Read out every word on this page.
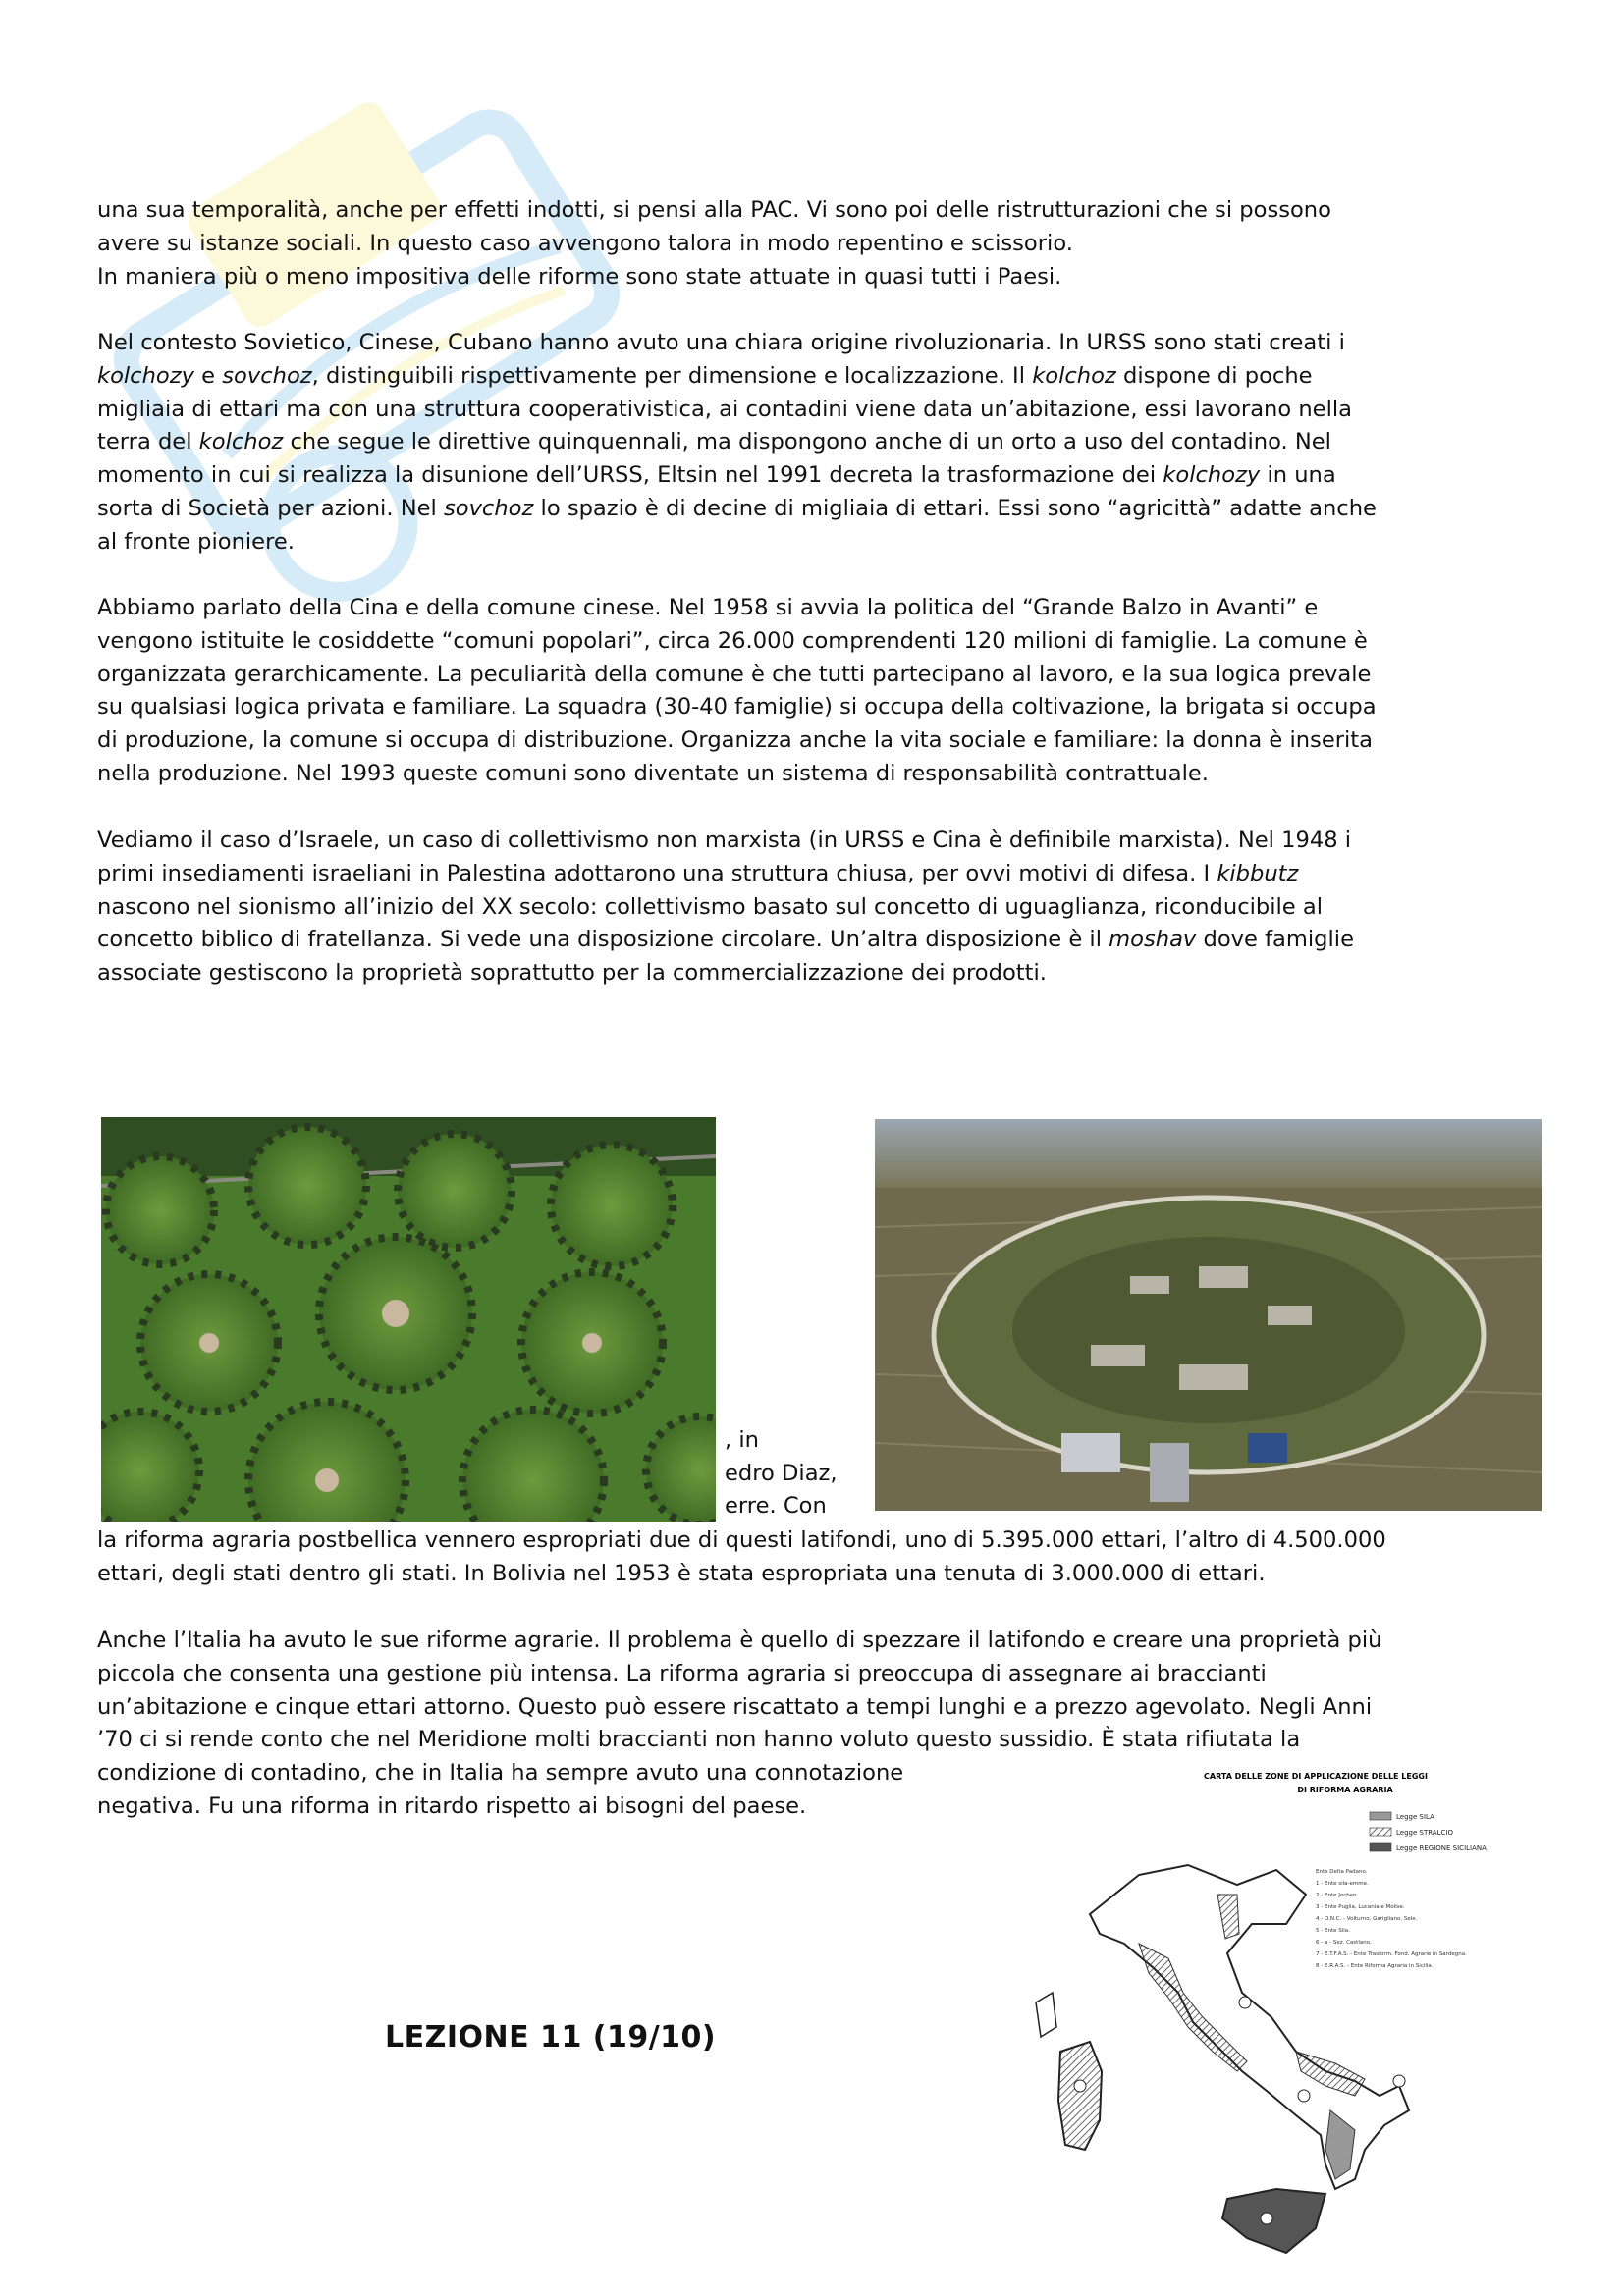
una sua temporalità, anche per effetti indotti, si pensi alla PAC. Vi sono poi delle ristrutturazioni che si possono

avere su istanze sociali. In questo caso avvengono talora in modo repentino e scissorio.

In maniera più o meno impositiva delle riforme sono state attuate in quasi tutti i Paesi.

Nel contesto Sovietico, Cinese, Cubano hanno avuto una chiara origine rivoluzionaria. In URSS sono stati creati i

kolchozy e sovchoz, distinguibili rispettivamente per dimensione e localizzazione. Il kolchoz dispone di poche

migliaia di ettari ma con una struttura cooperativistica, ai contadini viene data un’abitazione, essi lavorano nella

terra del kolchoz che segue le direttive quinquennali, ma dispongono anche di un orto a uso del contadino. Nel

momento in cui si realizza la disunione dell’URSS, Eltsin nel 1991 decreta la trasformazione dei kolchozy in una

sorta di Società per azioni. Nel sovchoz lo spazio è di decine di migliaia di ettari. Essi sono “agricittà” adatte anche

al fronte pioniere.

Abbiamo parlato della Cina e della comune cinese. Nel 1958 si avvia la politica del “Grande Balzo in Avanti” e

vengono istituite le cosiddette “comuni popolari”, circa 26.000 comprendenti 120 milioni di famiglie. La comune è

organizzata gerarchicamente. La peculiarità della comune è che tutti partecipano al lavoro, e la sua logica prevale

su qualsiasi logica privata e familiare. La squadra (30-40 famiglie) si occupa della coltivazione, la brigata si occupa

di produzione, la comune si occupa di distribuzione. Organizza anche la vita sociale e familiare: la donna è inserita

nella produzione. Nel 1993 queste comuni sono diventate un sistema di responsabilità contrattuale.

Vediamo il caso d’Israele, un caso di collettivismo non marxista (in URSS e Cina è definibile marxista). Nel 1948 i

primi insediamenti israeliani in Palestina adottarono una struttura chiusa, per ovvi motivi di difesa. I kibbutz

nascono nel sionismo all’inizio del XX secolo: collettivismo basato sul concetto di uguaglianza, riconducibile al

concetto biblico di fratellanza. Si vede una disposizione circolare. Un’altra disposizione è il moshav dove famiglie

associate gestiscono la proprietà soprattutto per la commercializzazione dei prodotti.

, in
edro Diaz,
erre. Con

la riforma agraria postbellica vennero espropriati due di questi latifondi, uno di 5.395.000 ettari, l’altro di 4.500.000

ettari, degli stati dentro gli stati. In Bolivia nel 1953 è stata espropriata una tenuta di 3.000.000 di ettari.

Anche l’Italia ha avuto le sue riforme agrarie. Il problema è quello di spezzare il latifondo e creare una proprietà più

piccola che consenta una gestione più intensa. La riforma agraria si preoccupa di assegnare ai braccianti

un’abitazione e cinque ettari attorno. Questo può essere riscattato a tempi lunghi e a prezzo agevolato. Negli Anni

’70 ci si rende conto che nel Meridione molti braccianti non hanno voluto questo sussidio. È stata rifiutata la

condizione di contadino, che in Italia ha sempre avuto una connotazione

negativa. Fu una riforma in ritardo rispetto ai bisogni del paese.

CARTA DELLE ZONE DI APPLICAZIONE DELLE LEGGI
DI RIFORMA AGRARIA
Legge SILA
Legge STRALCIO
Legge REGIONE SICILIANA
Ente Delta Padano.
1 - Ente sila-emme.
2 - Ente Jochen.
3 - Ente Puglia, Lucania e Molise.
4 - O.N.C. - Volturno, Garigliano, Sele.
5 - Ente Sila.
6 - a - Sez. Castlano.
7 - E.T.F.A.S. - Ente Trasform. Fond. Agrarie in Sardegna.
8 - E.R.A.S. - Ente Riforma Agraria in Sicilia.
LEZIONE 11 (19/10)
